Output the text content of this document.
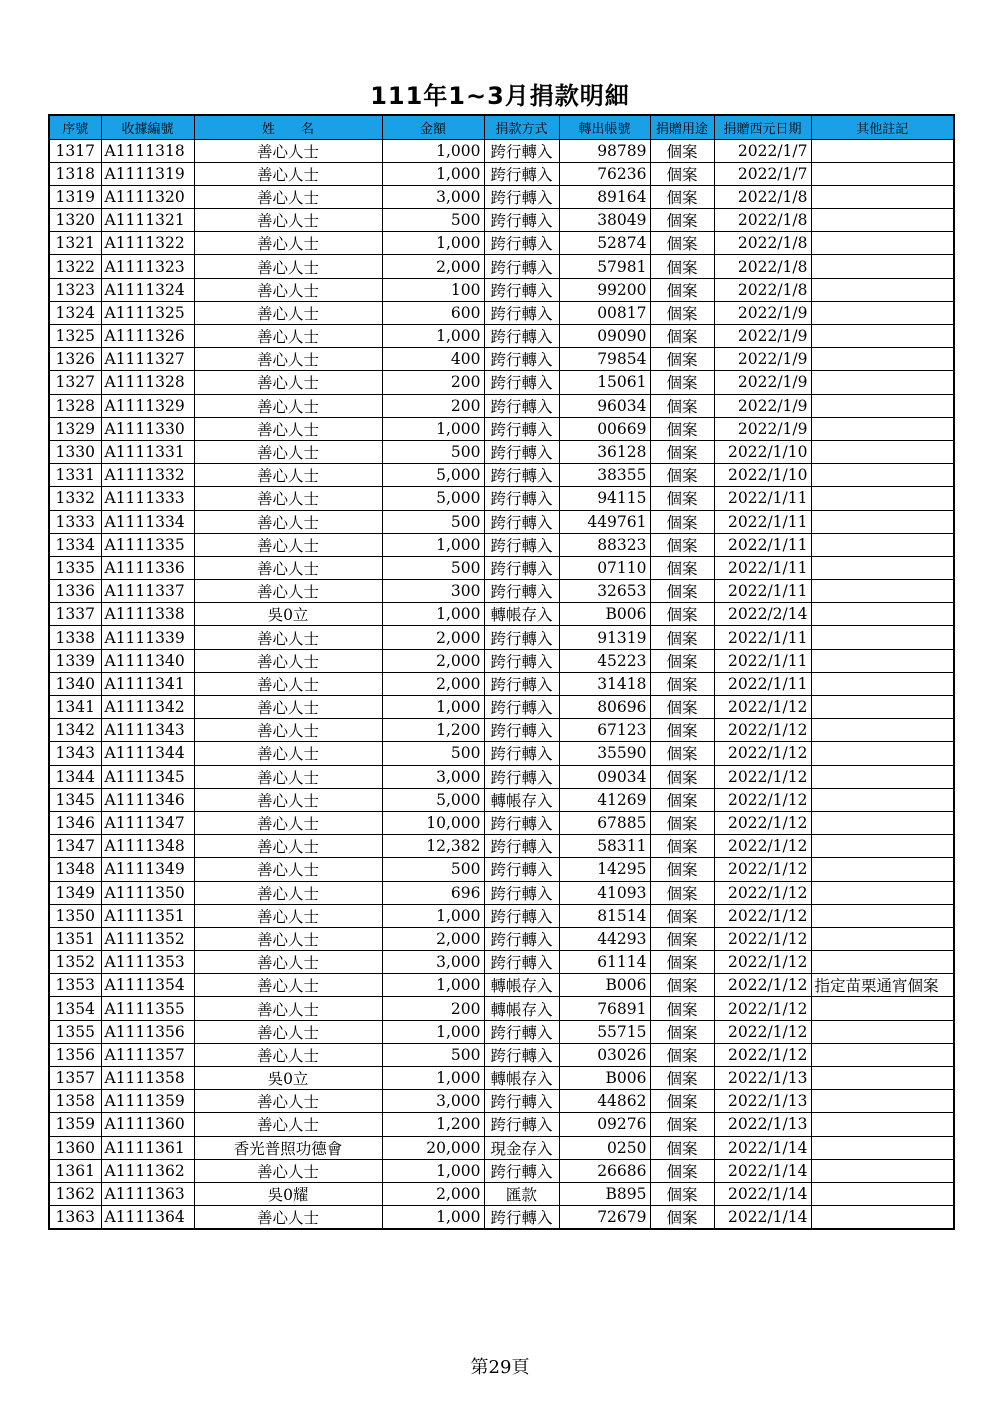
111年1~3月捐款明細
序號	收據編號	姓　　名	金額	捐款方式	轉出帳號	捐贈用途	捐贈西元日期	其他註記
1317	A1111318	善心人士	1,000	跨行轉入	98789	個案	2022/1/7	
1318	A1111319	善心人士	1,000	跨行轉入	76236	個案	2022/1/7	
1319	A1111320	善心人士	3,000	跨行轉入	89164	個案	2022/1/8	
1320	A1111321	善心人士	500	跨行轉入	38049	個案	2022/1/8	
1321	A1111322	善心人士	1,000	跨行轉入	52874	個案	2022/1/8	
1322	A1111323	善心人士	2,000	跨行轉入	57981	個案	2022/1/8	
1323	A1111324	善心人士	100	跨行轉入	99200	個案	2022/1/8	
1324	A1111325	善心人士	600	跨行轉入	00817	個案	2022/1/9	
1325	A1111326	善心人士	1,000	跨行轉入	09090	個案	2022/1/9	
1326	A1111327	善心人士	400	跨行轉入	79854	個案	2022/1/9	
1327	A1111328	善心人士	200	跨行轉入	15061	個案	2022/1/9	
1328	A1111329	善心人士	200	跨行轉入	96034	個案	2022/1/9	
1329	A1111330	善心人士	1,000	跨行轉入	00669	個案	2022/1/9	
1330	A1111331	善心人士	500	跨行轉入	36128	個案	2022/1/10	
1331	A1111332	善心人士	5,000	跨行轉入	38355	個案	2022/1/10	
1332	A1111333	善心人士	5,000	跨行轉入	94115	個案	2022/1/11	
1333	A1111334	善心人士	500	跨行轉入	449761	個案	2022/1/11	
1334	A1111335	善心人士	1,000	跨行轉入	88323	個案	2022/1/11	
1335	A1111336	善心人士	500	跨行轉入	07110	個案	2022/1/11	
1336	A1111337	善心人士	300	跨行轉入	32653	個案	2022/1/11	
1337	A1111338	吳0立	1,000	轉帳存入	B006	個案	2022/2/14	
1338	A1111339	善心人士	2,000	跨行轉入	91319	個案	2022/1/11	
1339	A1111340	善心人士	2,000	跨行轉入	45223	個案	2022/1/11	
1340	A1111341	善心人士	2,000	跨行轉入	31418	個案	2022/1/11	
1341	A1111342	善心人士	1,000	跨行轉入	80696	個案	2022/1/12	
1342	A1111343	善心人士	1,200	跨行轉入	67123	個案	2022/1/12	
1343	A1111344	善心人士	500	跨行轉入	35590	個案	2022/1/12	
1344	A1111345	善心人士	3,000	跨行轉入	09034	個案	2022/1/12	
1345	A1111346	善心人士	5,000	轉帳存入	41269	個案	2022/1/12	
1346	A1111347	善心人士	10,000	跨行轉入	67885	個案	2022/1/12	
1347	A1111348	善心人士	12,382	跨行轉入	58311	個案	2022/1/12	
1348	A1111349	善心人士	500	跨行轉入	14295	個案	2022/1/12	
1349	A1111350	善心人士	696	跨行轉入	41093	個案	2022/1/12	
1350	A1111351	善心人士	1,000	跨行轉入	81514	個案	2022/1/12	
1351	A1111352	善心人士	2,000	跨行轉入	44293	個案	2022/1/12	
1352	A1111353	善心人士	3,000	跨行轉入	61114	個案	2022/1/12	
1353	A1111354	善心人士	1,000	轉帳存入	B006	個案	2022/1/12	指定苗栗通宵個案
1354	A1111355	善心人士	200	轉帳存入	76891	個案	2022/1/12	
1355	A1111356	善心人士	1,000	跨行轉入	55715	個案	2022/1/12	
1356	A1111357	善心人士	500	跨行轉入	03026	個案	2022/1/12	
1357	A1111358	吳0立	1,000	轉帳存入	B006	個案	2022/1/13	
1358	A1111359	善心人士	3,000	跨行轉入	44862	個案	2022/1/13	
1359	A1111360	善心人士	1,200	跨行轉入	09276	個案	2022/1/13	
1360	A1111361	香光普照功德會	20,000	現金存入	0250	個案	2022/1/14	
1361	A1111362	善心人士	1,000	跨行轉入	26686	個案	2022/1/14	
1362	A1111363	吳0耀	2,000	匯款	B895	個案	2022/1/14	
1363	A1111364	善心人士	1,000	跨行轉入	72679	個案	2022/1/14	
第29頁
